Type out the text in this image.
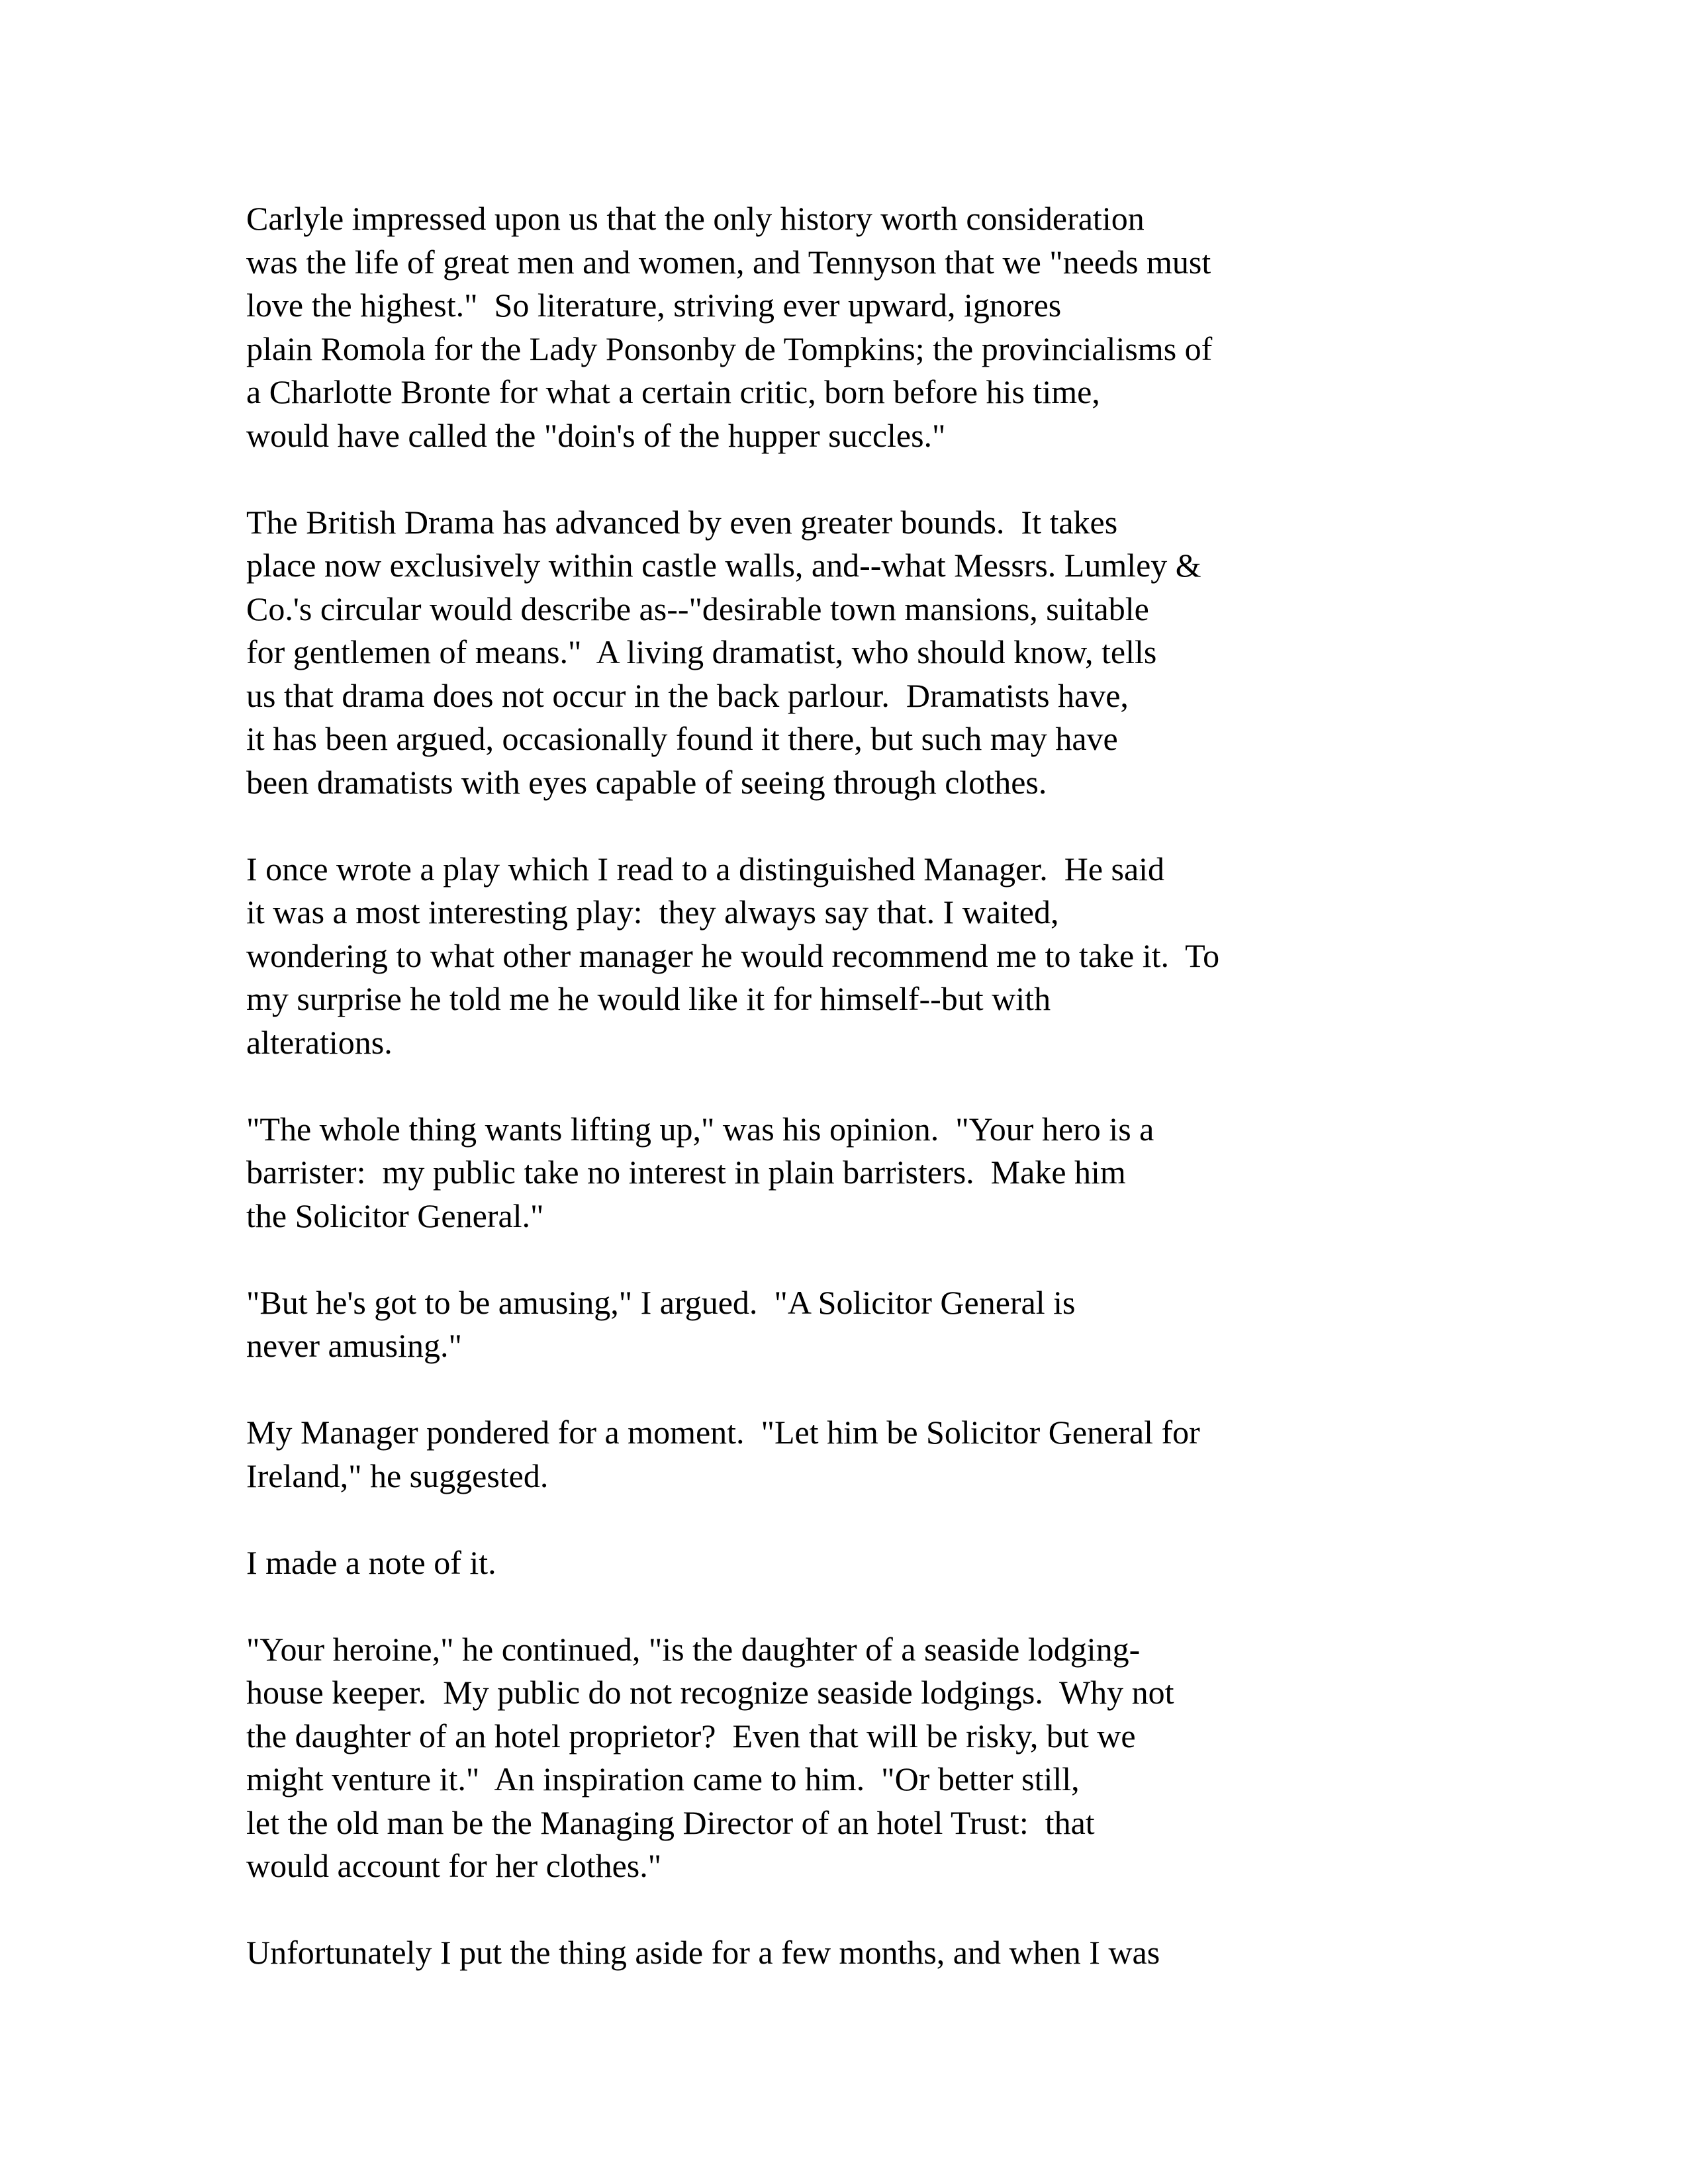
Carlyle impressed upon us that the only history worth consideration
was the life of great men and women, and Tennyson that we "needs must
love the highest."  So literature, striving ever upward, ignores
plain Romola for the Lady Ponsonby de Tompkins; the provincialisms of
a Charlotte Bronte for what a certain critic, born before his time,
would have called the "doin's of the hupper succles."

The British Drama has advanced by even greater bounds.  It takes
place now exclusively within castle walls, and--what Messrs. Lumley &
Co.'s circular would describe as--"desirable town mansions, suitable
for gentlemen of means."  A living dramatist, who should know, tells
us that drama does not occur in the back parlour.  Dramatists have,
it has been argued, occasionally found it there, but such may have
been dramatists with eyes capable of seeing through clothes.

I once wrote a play which I read to a distinguished Manager.  He said
it was a most interesting play:  they always say that. I waited,
wondering to what other manager he would recommend me to take it.  To
my surprise he told me he would like it for himself--but with
alterations.

"The whole thing wants lifting up," was his opinion.  "Your hero is a
barrister:  my public take no interest in plain barristers.  Make him
the Solicitor General."

"But he's got to be amusing," I argued.  "A Solicitor General is
never amusing."

My Manager pondered for a moment.  "Let him be Solicitor General for
Ireland," he suggested.

I made a note of it.

"Your heroine," he continued, "is the daughter of a seaside lodging-
house keeper.  My public do not recognize seaside lodgings.  Why not
the daughter of an hotel proprietor?  Even that will be risky, but we
might venture it."  An inspiration came to him.  "Or better still,
let the old man be the Managing Director of an hotel Trust:  that
would account for her clothes."

Unfortunately I put the thing aside for a few months, and when I was
